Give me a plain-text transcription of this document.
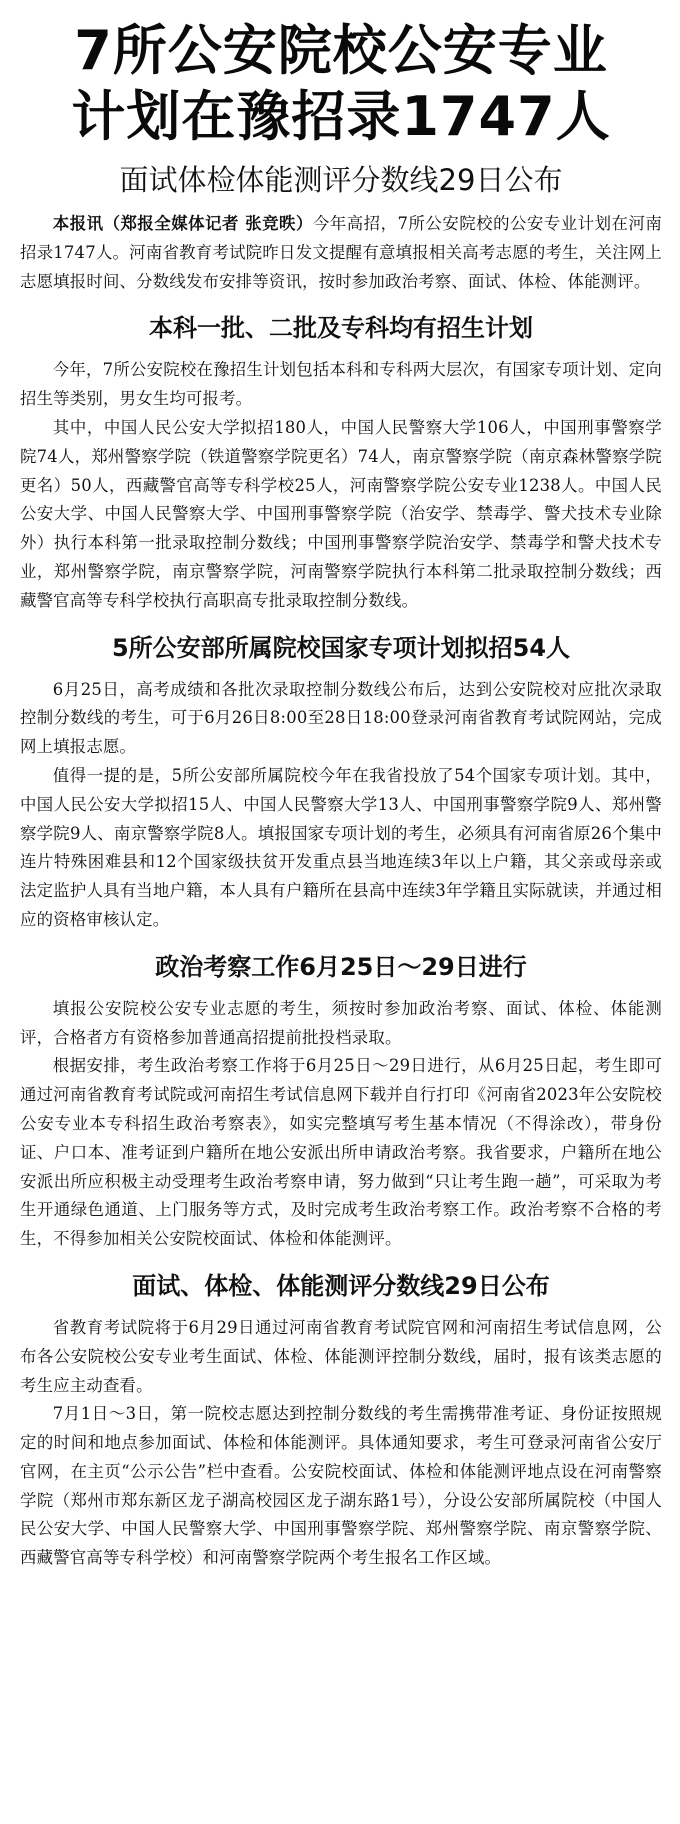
7所公安院校公安专业
计划在豫招录1747人
面试体检体能测评分数线29日公布

本报讯（郑报全媒体记者 张竞昳）今年高招，7所公安院校的公安专业计划在河南招录1747人。河南省教育考试院昨日发文提醒有意填报相关高考志愿的考生，关注网上志愿填报时间、分数线发布安排等资讯，按时参加政治考察、面试、体检、体能测评。

本科一批、二批及专科均有招生计划

今年，7所公安院校在豫招生计划包括本科和专科两大层次，有国家专项计划、定向招生等类别，男女生均可报考。

其中，中国人民公安大学拟招180人，中国人民警察大学106人，中国刑事警察学院74人，郑州警察学院（铁道警察学院更名）74人，南京警察学院（南京森林警察学院更名）50人，西藏警官高等专科学校25人，河南警察学院公安专业1238人。中国人民公安大学、中国人民警察大学、中国刑事警察学院（治安学、禁毒学、警犬技术专业除外）执行本科第一批录取控制分数线；中国刑事警察学院治安学、禁毒学和警犬技术专业，郑州警察学院，南京警察学院，河南警察学院执行本科第二批录取控制分数线；西藏警官高等专科学校执行高职高专批录取控制分数线。

5所公安部所属院校国家专项计划拟招54人

6月25日，高考成绩和各批次录取控制分数线公布后，达到公安院校对应批次录取控制分数线的考生，可于6月26日8:00至28日18:00登录河南省教育考试院网站，完成网上填报志愿。

值得一提的是，5所公安部所属院校今年在我省投放了54个国家专项计划。其中，中国人民公安大学拟招15人、中国人民警察大学13人、中国刑事警察学院9人、郑州警察学院9人、南京警察学院8人。填报国家专项计划的考生，必须具有河南省原26个集中连片特殊困难县和12个国家级扶贫开发重点县当地连续3年以上户籍，其父亲或母亲或法定监护人具有当地户籍，本人具有户籍所在县高中连续3年学籍且实际就读，并通过相应的资格审核认定。

政治考察工作6月25日～29日进行

填报公安院校公安专业志愿的考生，须按时参加政治考察、面试、体检、体能测评，合格者方有资格参加普通高招提前批投档录取。

根据安排，考生政治考察工作将于6月25日～29日进行，从6月25日起，考生即可通过河南省教育考试院或河南招生考试信息网下载并自行打印《河南省2023年公安院校公安专业本专科招生政治考察表》，如实完整填写考生基本情况（不得涂改），带身份证、户口本、准考证到户籍所在地公安派出所申请政治考察。我省要求，户籍所在地公安派出所应积极主动受理考生政治考察申请，努力做到“只让考生跑一趟”，可采取为考生开通绿色通道、上门服务等方式，及时完成考生政治考察工作。政治考察不合格的考生，不得参加相关公安院校面试、体检和体能测评。

面试、体检、体能测评分数线29日公布

省教育考试院将于6月29日通过河南省教育考试院官网和河南招生考试信息网，公布各公安院校公安专业考生面试、体检、体能测评控制分数线，届时，报有该类志愿的考生应主动查看。

7月1日～3日，第一院校志愿达到控制分数线的考生需携带准考证、身份证按照规定的时间和地点参加面试、体检和体能测评。具体通知要求，考生可登录河南省公安厅官网，在主页“公示公告”栏中查看。公安院校面试、体检和体能测评地点设在河南警察学院（郑州市郑东新区龙子湖高校园区龙子湖东路1号），分设公安部所属院校（中国人民公安大学、中国人民警察大学、中国刑事警察学院、郑州警察学院、南京警察学院、西藏警官高等专科学校）和河南警察学院两个考生报名工作区域。
